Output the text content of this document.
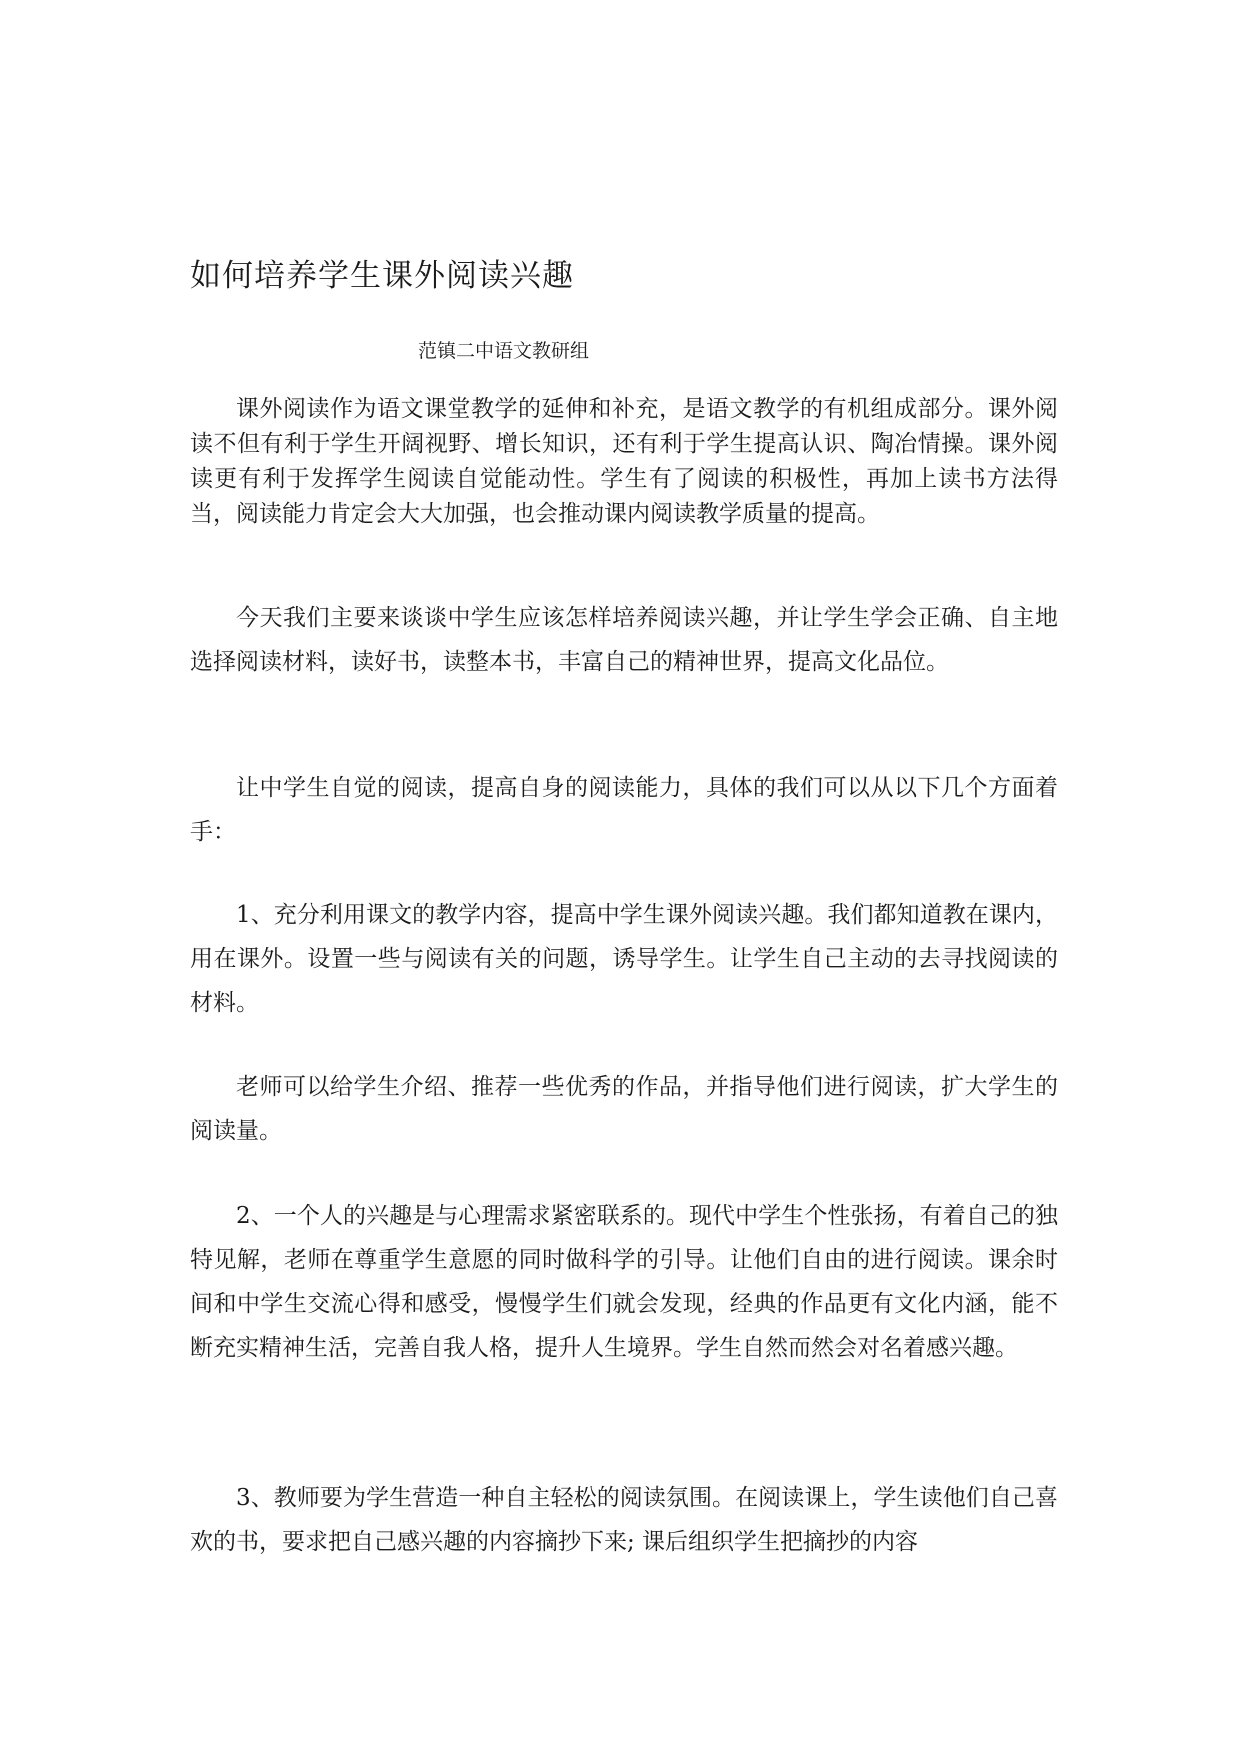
如何培养学生课外阅读兴趣
范镇二中语文教研组

课外阅读作为语文课堂教学的延伸和补充，是语文教学的有机组成部分。课外阅读不但有利于学生开阔视野、增长知识，还有利于学生提高认识、陶冶情操。课外阅读更有利于发挥学生阅读自觉能动性。学生有了阅读的积极性，再加上读书方法得当，阅读能力肯定会大大加强，也会推动课内阅读教学质量的提高。

今天我们主要来谈谈中学生应该怎样培养阅读兴趣，并让学生学会正确、自主地选择阅读材料，读好书，读整本书，丰富自己的精神世界，提高文化品位。

让中学生自觉的阅读，提高自身的阅读能力，具体的我们可以从以下几个方面着手：

1、充分利用课文的教学内容，提高中学生课外阅读兴趣。我们都知道教在课内，用在课外。设置一些与阅读有关的问题，诱导学生。让学生自己主动的去寻找阅读的材料。

老师可以给学生介绍、推荐一些优秀的作品，并指导他们进行阅读，扩大学生的阅读量。

2、一个人的兴趣是与心理需求紧密联系的。现代中学生个性张扬，有着自己的独特见解，老师在尊重学生意愿的同时做科学的引导。让他们自由的进行阅读。课余时间和中学生交流心得和感受，慢慢学生们就会发现，经典的作品更有文化内涵，能不断充实精神生活，完善自我人格，提升人生境界。学生自然而然会对名着感兴趣。

3、教师要为学生营造一种自主轻松的阅读氛围。在阅读课上，学生读他们自己喜欢的书，要求把自己感兴趣的内容摘抄下来; 课后组织学生把摘抄的内容
